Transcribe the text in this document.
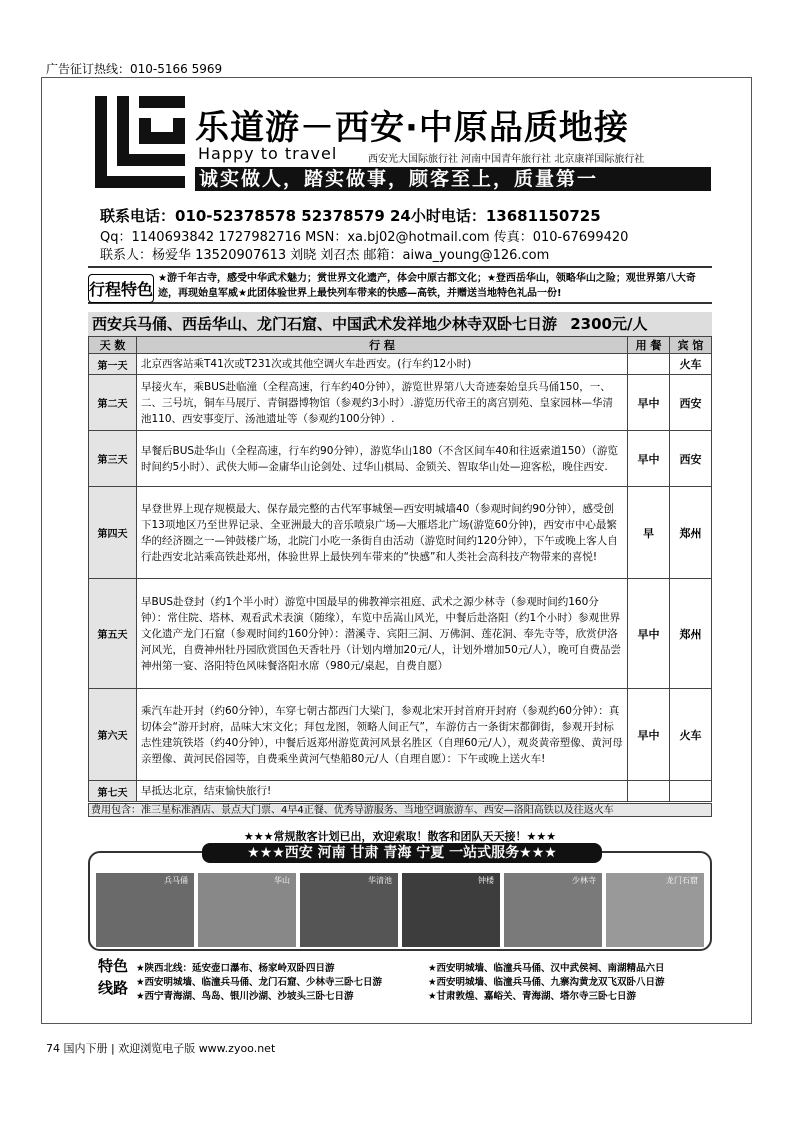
广告征订热线：010-5166 5969
乐道游－西安·中原品质地接
Happy to travel	西安光大国际旅行社 河南中国青年旅行社 北京康祥国际旅行社
诚实做人，踏实做事，顾客至上，质量第一
联系电话：010-52378578 52378579 24小时电话：13681150725
Qq：1140693842 1727982716 MSN：xa.bj02@hotmail.com 传真：010-67699420
联系人：杨爱华 13520907613 刘晓 刘召杰 邮箱：aiwa_young@126.com
行程特色
★游千年古寺，感受中华武术魅力；赏世界文化遗产，体会中原古都文化；★登西岳华山，领略华山之险；观世界第八大奇迹，再现始皇军威★此团体验世界上最快列车带来的快感—高铁，并赠送当地特色礼品一份!
西安兵马俑、西岳华山、龙门石窟、中国武术发祥地少林寺双卧七日游 2300元/人
天 数	行 程	用 餐	宾 馆
第一天	北京西客站乘T41次或T231次或其他空调火车赴西安。(行车约12小时)		火车
第二天	早接火车，乘BUS赴临潼（全程高速，行车约40分钟），游览世界第八大奇迹秦始皇兵马俑150，一、二、三号坑，铜车马展厅、青铜器博物馆（参观约3小时）.游览历代帝王的离宫别苑、皇家园林—华清池110、西安事变厅、汤池遗址等（参观约100分钟）.	早中	西安
第三天	早餐后BUS赴华山（全程高速，行车约90分钟），游览华山180（不含区间车40和往返索道150）（游览时间约5小时）、武侠大师—金庸华山论剑处、过华山棋局、金锁关、智取华山处—迎客松，晚住西安.	早中	西安
第四天	早登世界上现存规模最大、保存最完整的古代军事城堡—西安明城墙40（参观时间约90分钟），感受创下13项地区乃至世界记录、全亚洲最大的音乐喷泉广场—大雁塔北广场(游览60分钟)，西安市中心最繁华的经济圈之一—钟鼓楼广场，北院门小吃一条街自由活动（游览时间约120分钟），下午或晚上客人自行赴西安北站乘高铁赴郑州，体验世界上最快列车带来的“快感”和人类社会高科技产物带来的喜悦!	早	郑州
第五天	早BUS赴登封（约1个半小时）游览中国最早的佛教禅宗祖庭、武术之源少林寺（参观时间约160分钟）：常住院、塔林、观看武术表演（随缘），车览中岳嵩山风光，中餐后赴洛阳（约1个小时）参观世界文化遗产龙门石窟（参观时间约160分钟）：潜溪寺、宾阳三洞、万佛洞、莲花洞、奉先寺等，欣赏伊洛河风光，自费神州牡丹园欣赏国色天香牡丹（计划内增加20元/人，计划外增加50元/人），晚可自费品尝神州第一宴、洛阳特色风味餐洛阳水席（980元/桌起，自费自愿）	早中	郑州
第六天	乘汽车赴开封（约60分钟），车穿七朝古都西门大梁门，参观北宋开封首府开封府（参观约60分钟）：真切体会“游开封府，品味大宋文化；拜包龙图，领略人间正气”，车游仿古一条街宋都御街，参观开封标志性建筑铁塔（约40分钟），中餐后返郑州游览黄河风景名胜区（自理60元/人），观炎黄帝塑像、黄河母亲塑像、黄河民俗园等，自费乘坐黄河气垫船80元/人（自理自愿）：下午或晚上送火车!	早中	火车
第七天	早抵达北京，结束愉快旅行!		
费用包含：准三星标准酒店、景点大门票、4早4正餐、优秀导游服务、当地空调旅游车、西安—洛阳高铁以及往返火车
★★★常规散客计划已出，欢迎索取！散客和团队天天接！★★★
★★★西安 河南 甘肃 青海 宁夏 一站式服务★★★
兵马俑	华山	华清池	钟楼	少林寺	龙门石窟
特色
线路
★陕西北线：延安壶口瀑布、杨家岭双卧四日游	★西安明城墙、临潼兵马俑、汉中武侯祠、南湖精品六日
★西安明城墙、临潼兵马俑、龙门石窟、少林寺三卧七日游	★西安明城墙、临潼兵马俑、九寨沟黄龙双飞双卧八日游
★西宁青海湖、鸟岛、银川沙湖、沙坡头三卧七日游	★甘肃敦煌、嘉峪关、青海湖、塔尔寺三卧七日游
74 国内下册 | 欢迎浏览电子版 www.zyoo.net
